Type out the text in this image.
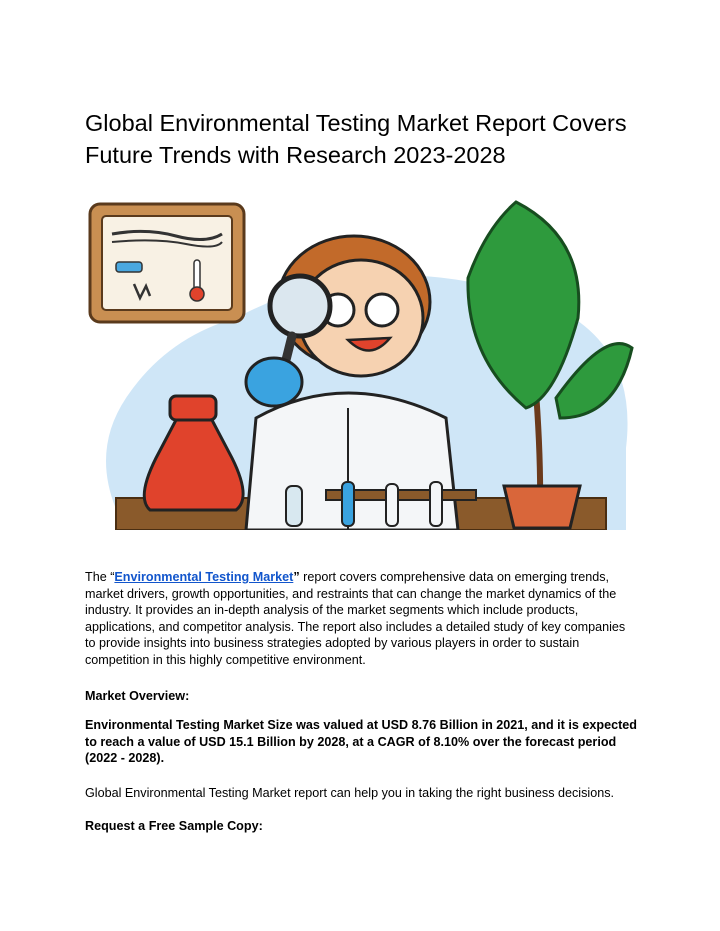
Global Environmental Testing Market Report Covers Future Trends with Research 2023-2028

The “Environmental Testing Market” report covers comprehensive data on emerging trends, market drivers, growth opportunities, and restraints that can change the market dynamics of the industry. It provides an in-depth analysis of the market segments which include products, applications, and competitor analysis. The report also includes a detailed study of key companies to provide insights into business strategies adopted by various players in order to sustain competition in this highly competitive environment.

Market Overview:

Environmental Testing Market Size was valued at USD 8.76 Billion in 2021, and it is expected to reach a value of USD 15.1 Billion by 2028, at a CAGR of 8.10% over the forecast period (2022 - 2028).

Global Environmental Testing Market report can help you in taking the right business decisions.

Request a Free Sample Copy:
